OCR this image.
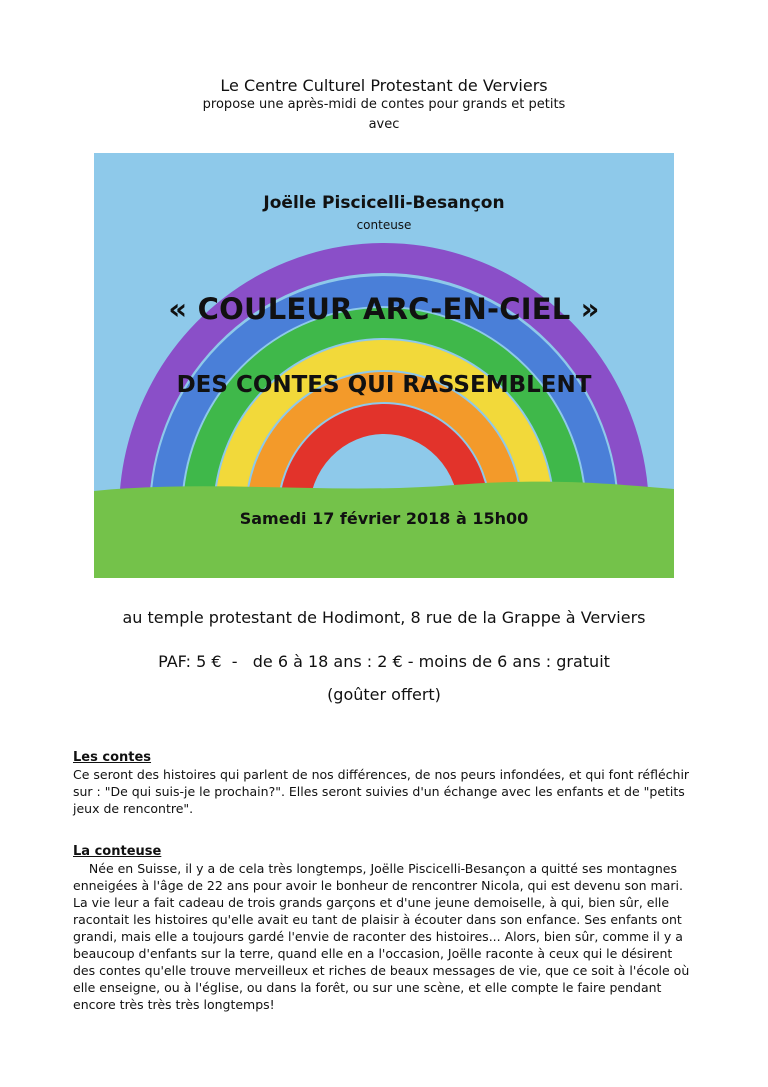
Le Centre Culturel Protestant de Verviers
propose une après-midi de contes pour grands et petits
avec
Joëlle Piscicelli-Besançon
conteuse
« COULEUR ARC-EN-CIEL »
DES CONTES QUI RASSEMBLENT
Samedi 17 février 2018 à 15h00
au temple protestant de Hodimont, 8 rue de la Grappe à Verviers
PAF: 5 €  -   de 6 à 18 ans : 2 € - moins de 6 ans : gratuit
(goûter offert)
Les contes

Ce seront des histoires qui parlent de nos différences, de nos peurs infondées, et qui font réfléchir sur : "De qui suis-je le prochain?". Elles seront suivies d'un échange avec les enfants et de "petits jeux de rencontre".

La conteuse

Née en Suisse, il y a de cela très longtemps, Joëlle Piscicelli-Besançon a quitté ses montagnes enneigées à l'âge de 22 ans pour avoir le bonheur de rencontrer Nicola, qui est devenu son mari. La vie leur a fait cadeau de trois grands garçons et d'une jeune demoiselle, à qui, bien sûr, elle racontait les histoires qu'elle avait eu tant de plaisir à écouter dans son enfance. Ses enfants ont grandi, mais elle a toujours gardé l'envie de raconter des histoires... Alors, bien sûr, comme il y a beaucoup d'enfants sur la terre, quand elle en a l'occasion, Joëlle raconte à ceux qui le désirent des contes qu'elle trouve merveilleux et riches de beaux messages de vie, que ce soit à l'école où elle enseigne, ou à l'église, ou dans la forêt, ou sur une scène, et elle compte le faire pendant encore très très très longtemps!
